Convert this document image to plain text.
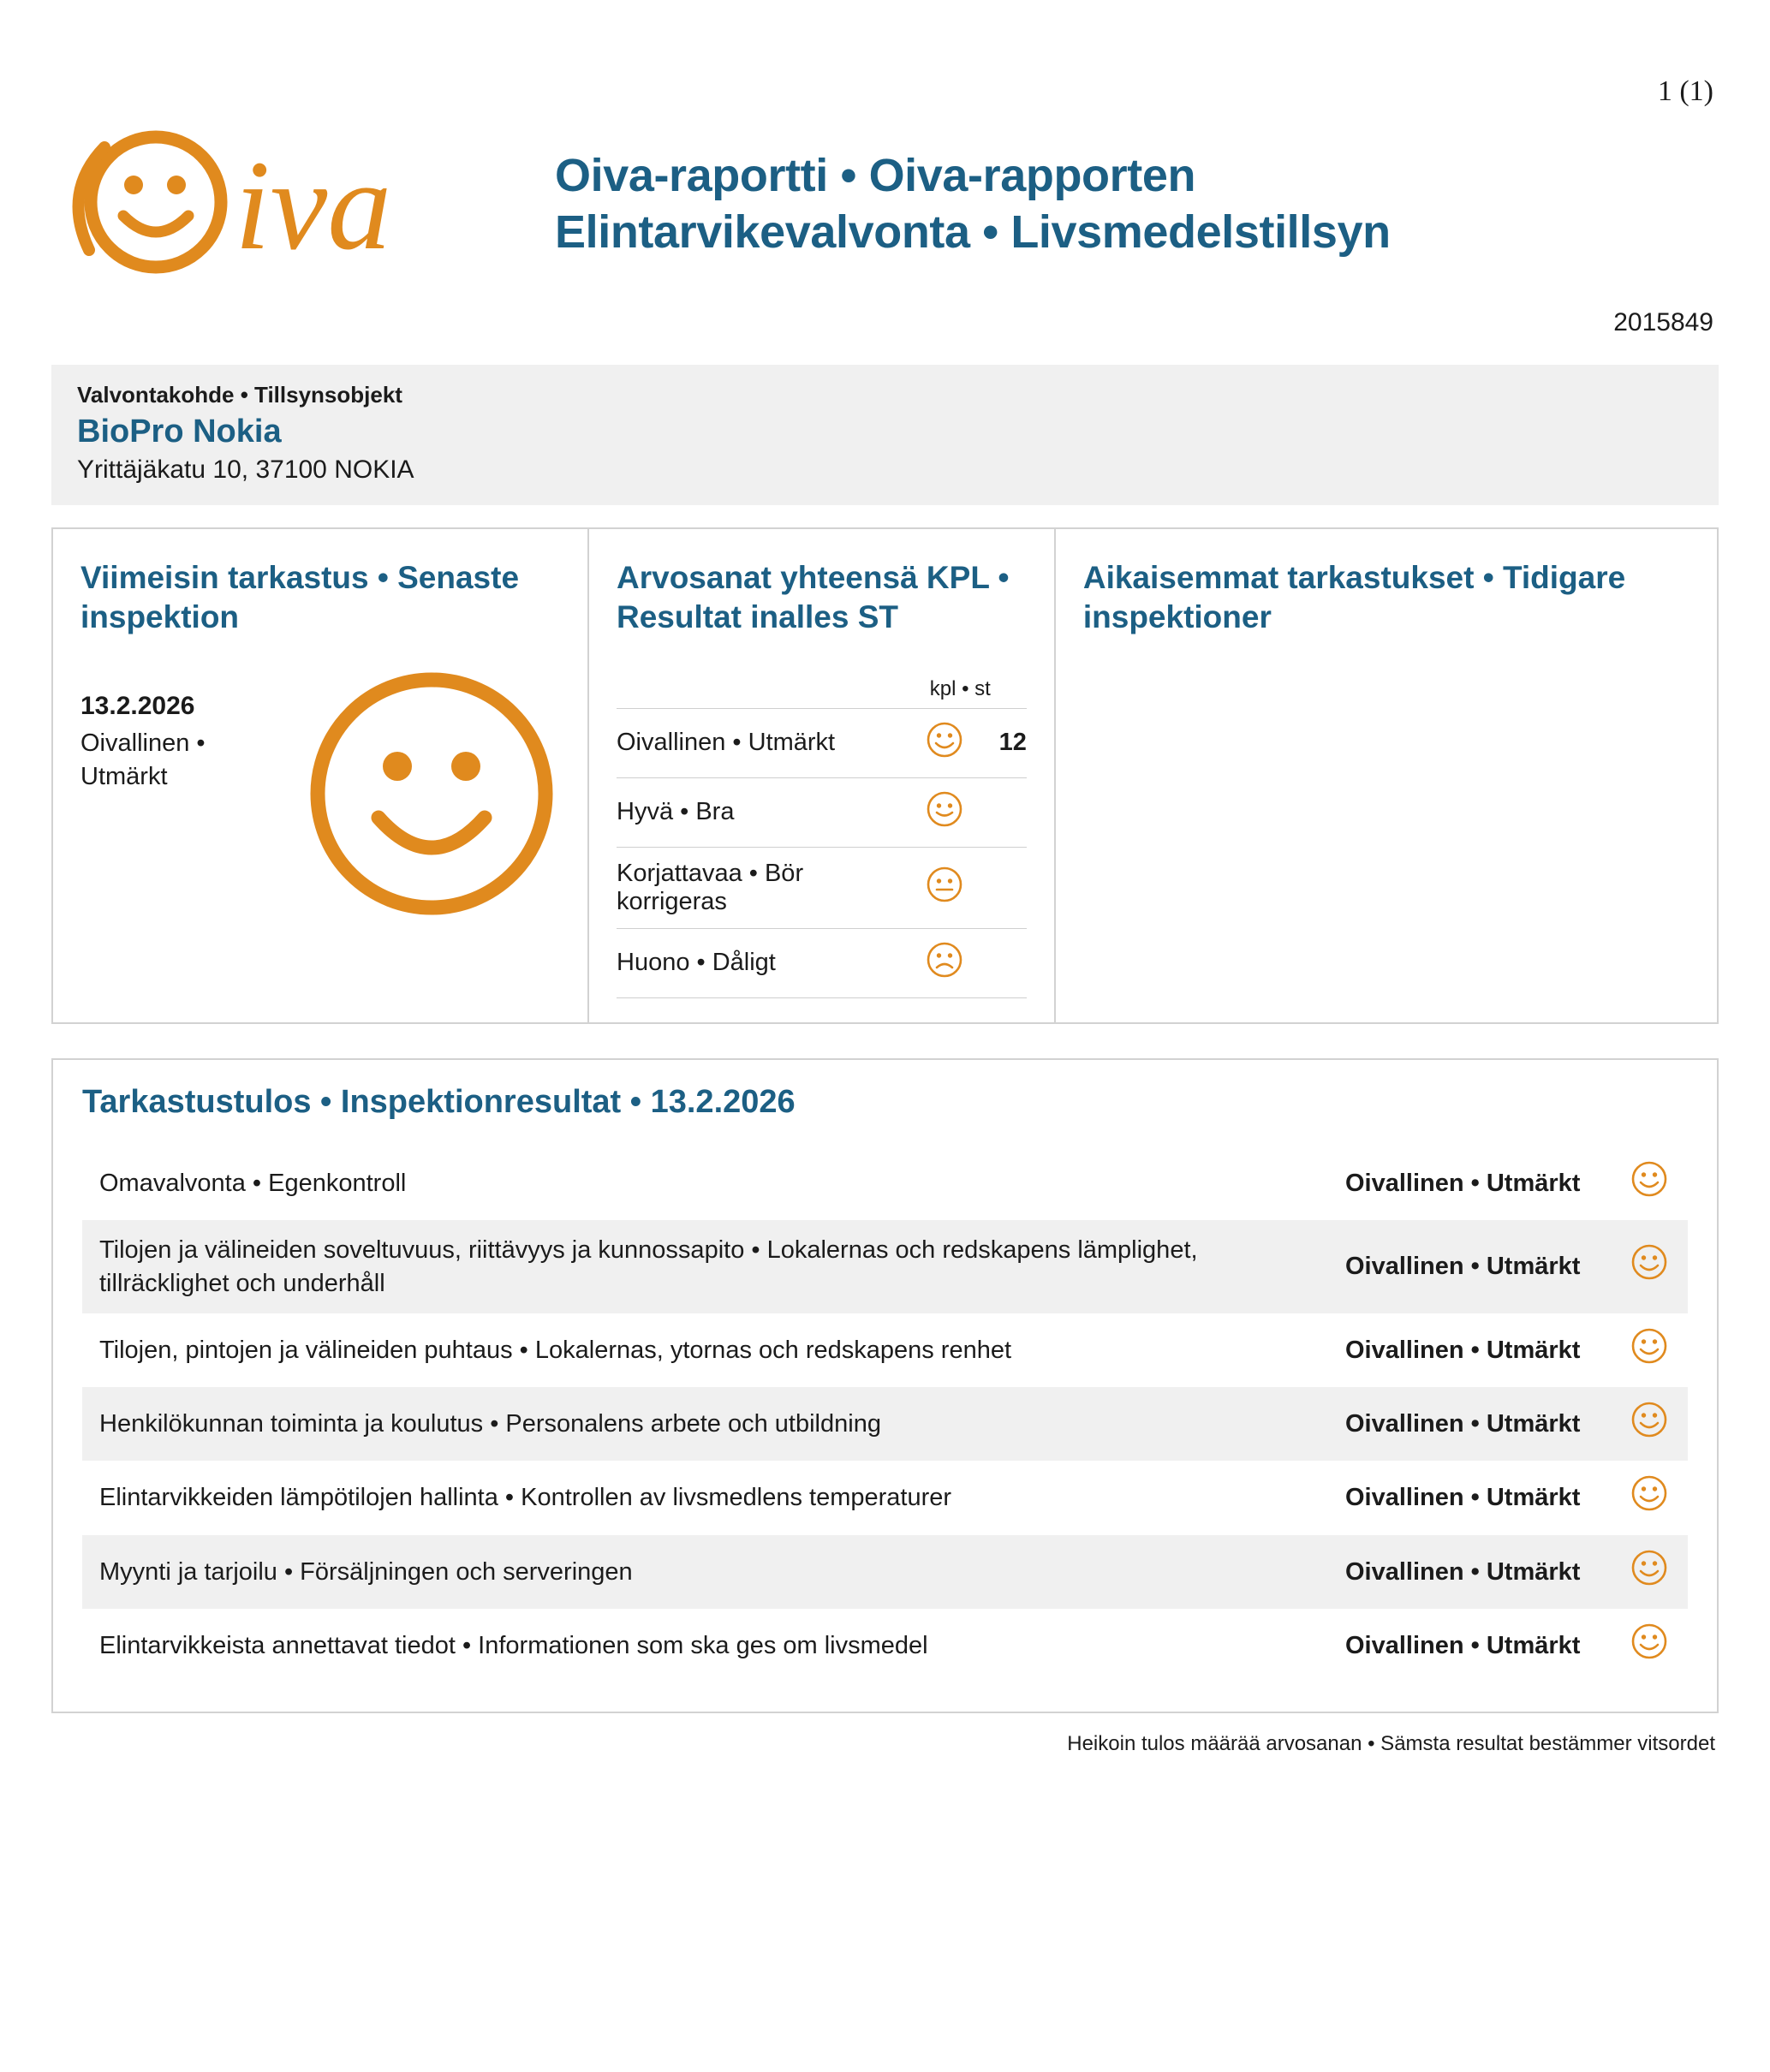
1 (1)
iva	Oiva-raportti • Oiva-rapporten
Elintarvikevalvonta • Livsmedelstillsyn
2015849
Valvontakohde • Tillsynsobjekt
BioPro Nokia
Yrittäjäkatu 10, 37100 NOKIA
Viimeisin tarkastus • Senaste inspektion
13.2.2026
Oivallinen • Utmärkt
Arvosanat yhteensä KPL • Resultat inalles ST
kpl • st
Oivallinen • Utmärkt		12
Hyvä • Bra		
Korjattavaa • Bör korrigeras		
Huono • Dåligt		
Aikaisemmat tarkastukset • Tidigare inspektioner
Tarkastustulos • Inspektionresultat • 13.2.2026
Omavalvonta • Egenkontroll	Oivallinen • Utmärkt	
Tilojen ja välineiden soveltuvuus, riittävyys ja kunnossapito • Lokalernas och redskapens lämplighet, tillräcklighet och underhåll	Oivallinen • Utmärkt	
Tilojen, pintojen ja välineiden puhtaus • Lokalernas, ytornas och redskapens renhet	Oivallinen • Utmärkt	
Henkilökunnan toiminta ja koulutus • Personalens arbete och utbildning	Oivallinen • Utmärkt	
Elintarvikkeiden lämpötilojen hallinta • Kontrollen av livsmedlens temperaturer	Oivallinen • Utmärkt	
Myynti ja tarjoilu • Försäljningen och serveringen	Oivallinen • Utmärkt	
Elintarvikkeista annettavat tiedot • Informationen som ska ges om livsmedel	Oivallinen • Utmärkt	
Heikoin tulos määrää arvosanan • Sämsta resultat bestämmer vitsordet
